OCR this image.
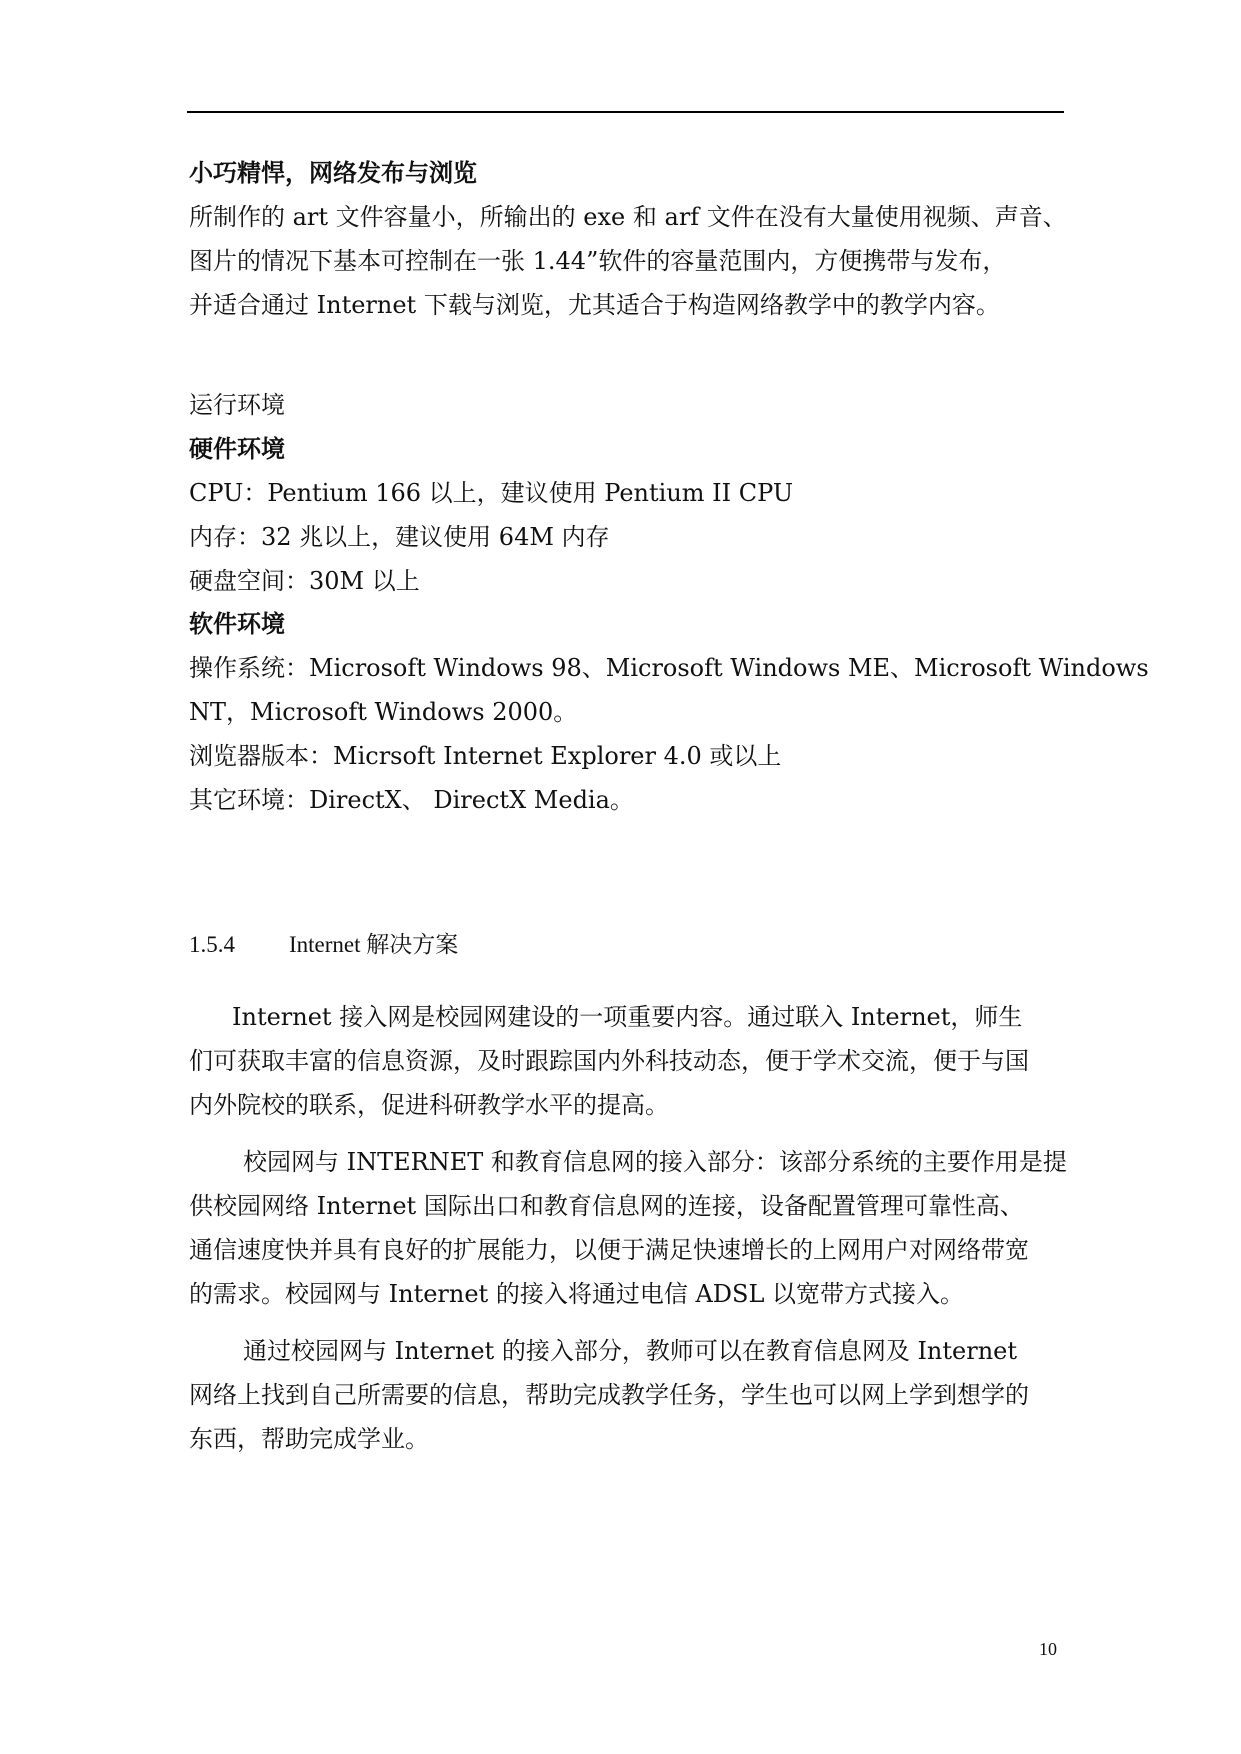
小巧精悍，网络发布与浏览
所制作的 art 文件容量小，所输出的 exe 和 arf 文件在没有大量使用视频、声音、
图片的情况下基本可控制在一张 1.44”软件的容量范围内，方便携带与发布，
并适合通过 Internet 下载与浏览，尤其适合于构造网络教学中的教学内容。
运行环境
硬件环境
CPU：Pentium 166 以上，建议使用 Pentium II CPU
内存：32 兆以上，建议使用 64M 内存
硬盘空间：30M 以上
软件环境
操作系统：Microsoft Windows 98、Microsoft Windows ME、Microsoft Windows
NT，Microsoft Windows 2000。
浏览器版本：Micrsoft Internet Explorer 4.0 或以上
其它环境：DirectX、 DirectX Media。
1.5.4 Internet 解决方案
Internet 接入网是校园网建设的一项重要内容。通过联入 Internet，师生
们可获取丰富的信息资源，及时跟踪国内外科技动态，便于学术交流，便于与国
内外院校的联系，促进科研教学水平的提高。
校园网与 INTERNET 和教育信息网的接入部分：该部分系统的主要作用是提
供校园网络 Internet 国际出口和教育信息网的连接，设备配置管理可靠性高、
通信速度快并具有良好的扩展能力，以便于满足快速增长的上网用户对网络带宽
的需求。校园网与 Internet 的接入将通过电信 ADSL 以宽带方式接入。
通过校园网与 Internet 的接入部分，教师可以在教育信息网及 Internet
网络上找到自己所需要的信息，帮助完成教学任务，学生也可以网上学到想学的
东西，帮助完成学业。
10
